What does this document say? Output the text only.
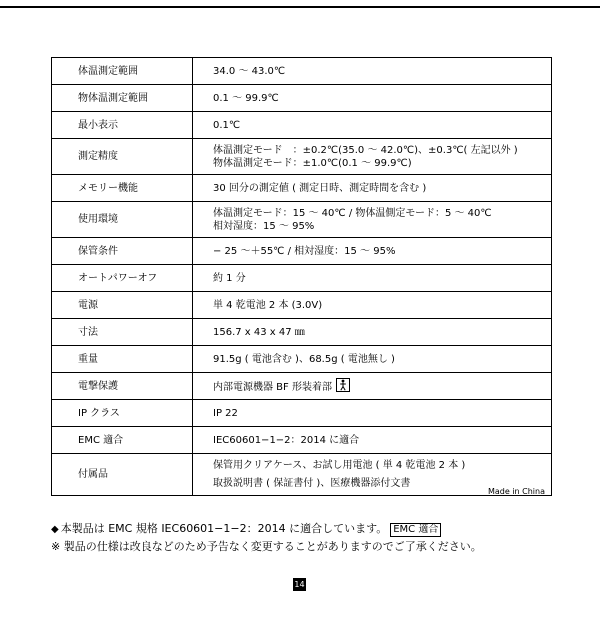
体温測定範囲	34.0 〜 43.0℃

物体温測定範囲	0.1 〜 99.9℃

最小表示	0.1℃

測定精度	体温測定モード　：±0.2℃(35.0 〜 42.0℃)、±0.3℃( 左記以外 )
物体温測定モード：±1.0℃(0.1 〜 99.9℃)

メモリー機能	30 回分の測定値 ( 測定日時、測定時間を含む )

使用環境	体温測定モード：15 〜 40℃ / 物体温側定モード：5 〜 40℃
相対湿度：15 〜 95%

保管条件	− 25 〜＋55℃ / 相対湿度：15 〜 95%

オートパワーオフ	約 1 分

電源	単 4 乾電池 2 本 (3.0V)

寸法	156.7 x 43 x 47 ㎜

重量	91.5g ( 電池含む )、68.5g ( 電池無し )

電撃保護	内部電源機器 BF 形装着部

IP クラス	IP 22

EMC 適合	IEC60601−1−2：2014 に適合

付属品	保管用クリアケース、お試し用電池 ( 単 4 乾電池 2 本 )
取扱説明書 ( 保証書付 )、医療機器添付文書
Made in China
◆ 本製品は EMC 規格 IEC60601−1−2：2014 に適合しています。 EMC 適合
※ 製品の仕様は改良などのため予告なく変更することがありますのでご了承ください。
14
